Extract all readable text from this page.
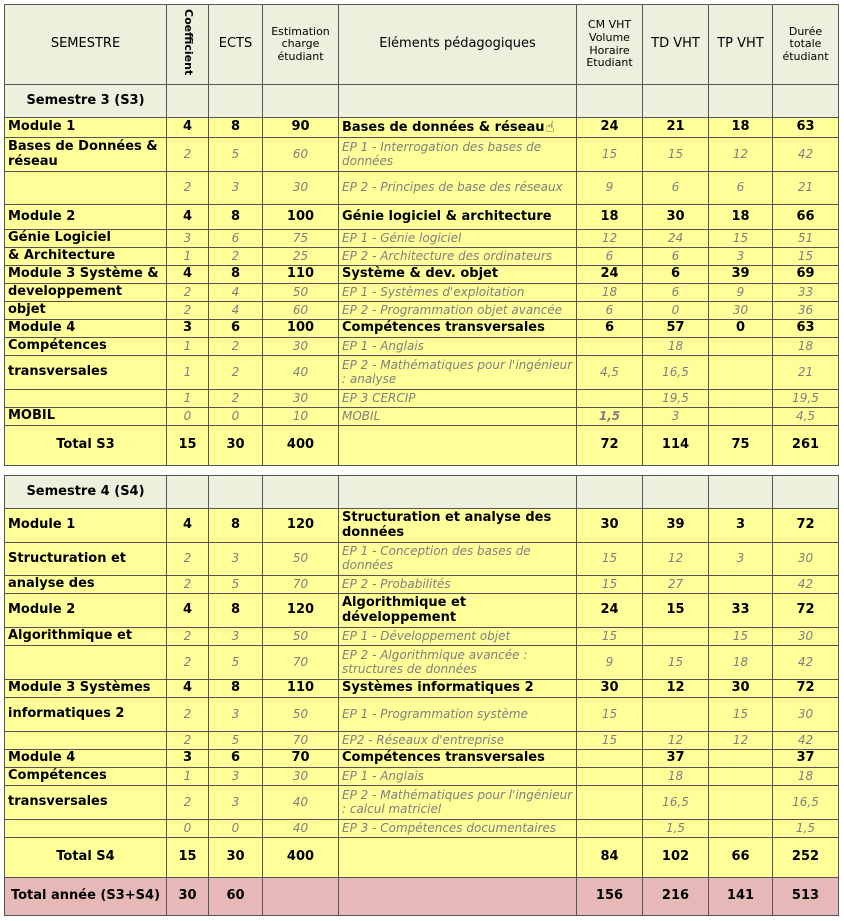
SEMESTRE	Coefficient	ECTS	Estimation charge étudiant	Eléments pédagogiques	CM VHT Volume Horaire Etudiant	TD VHT	TP VHT	Durée totale étudiant
Semestre 3 (S3)								
Module 1	4	8	90	Bases de données & réseau☝	24	21	18	63
Bases de Données & réseau	2	5	60	EP 1 - Interrogation des bases de données	15	15	12	42
	2	3	30	EP 2 - Principes de base des réseaux	9	6	6	21
Module 2	4	8	100	Génie logiciel & architecture	18	30	18	66
Génie Logiciel	3	6	75	EP 1 - Génie logiciel	12	24	15	51
& Architecture	1	2	25	EP 2 - Architecture des ordinateurs	6	6	3	15
Module 3 Système &	4	8	110	Système & dev. objet	24	6	39	69
developpement	2	4	50	EP 1 - Systèmes d'exploitation	18	6	9	33
objet	2	4	60	EP 2 - Programmation objet avancée	6	0	30	36
Module 4	3	6	100	Compétences transversales	6	57	0	63
Compétences	1	2	30	EP 1 - Anglais		18		18
transversales	1	2	40	EP 2 - Mathématiques pour l'ingénieur : analyse	4,5	16,5		21
	1	2	30	EP 3 CERCIP		19,5		19,5
MOBIL	0	0	10	MOBIL	1,5	3		4,5
Total S3	15	30	400		72	114	75	261
Semestre 4 (S4)								
Module 1	4	8	120	Structuration et analyse des données	30	39	3	72
Structuration et	2	3	50	EP 1 - Conception des bases de données	15	12	3	30
analyse des	2	5	70	EP 2 - Probabilités	15	27		42
Module 2	4	8	120	Algorithmique et développement	24	15	33	72
Algorithmique et	2	3	50	EP 1 - Développement objet	15		15	30
	2	5	70	EP 2 - Algorithmique avancée : structures de données	9	15	18	42
Module 3 Systèmes	4	8	110	Systèmes informatiques 2	30	12	30	72
informatiques 2	2	3	50	EP 1 - Programmation système	15		15	30
	2	5	70	EP2 - Réseaux d'entreprise	15	12	12	42
Module 4	3	6	70	Compétences transversales		37		37
Compétences	1	3	30	EP 1 - Anglais		18		18
transversales	2	3	40	EP 2 - Mathématiques pour l'ingénieur : calcul matriciel		16,5		16,5
	0	0	40	EP 3 - Compétences documentaires		1,5		1,5
Total S4	15	30	400		84	102	66	252
Total année (S3+S4)	30	60			156	216	141	513
